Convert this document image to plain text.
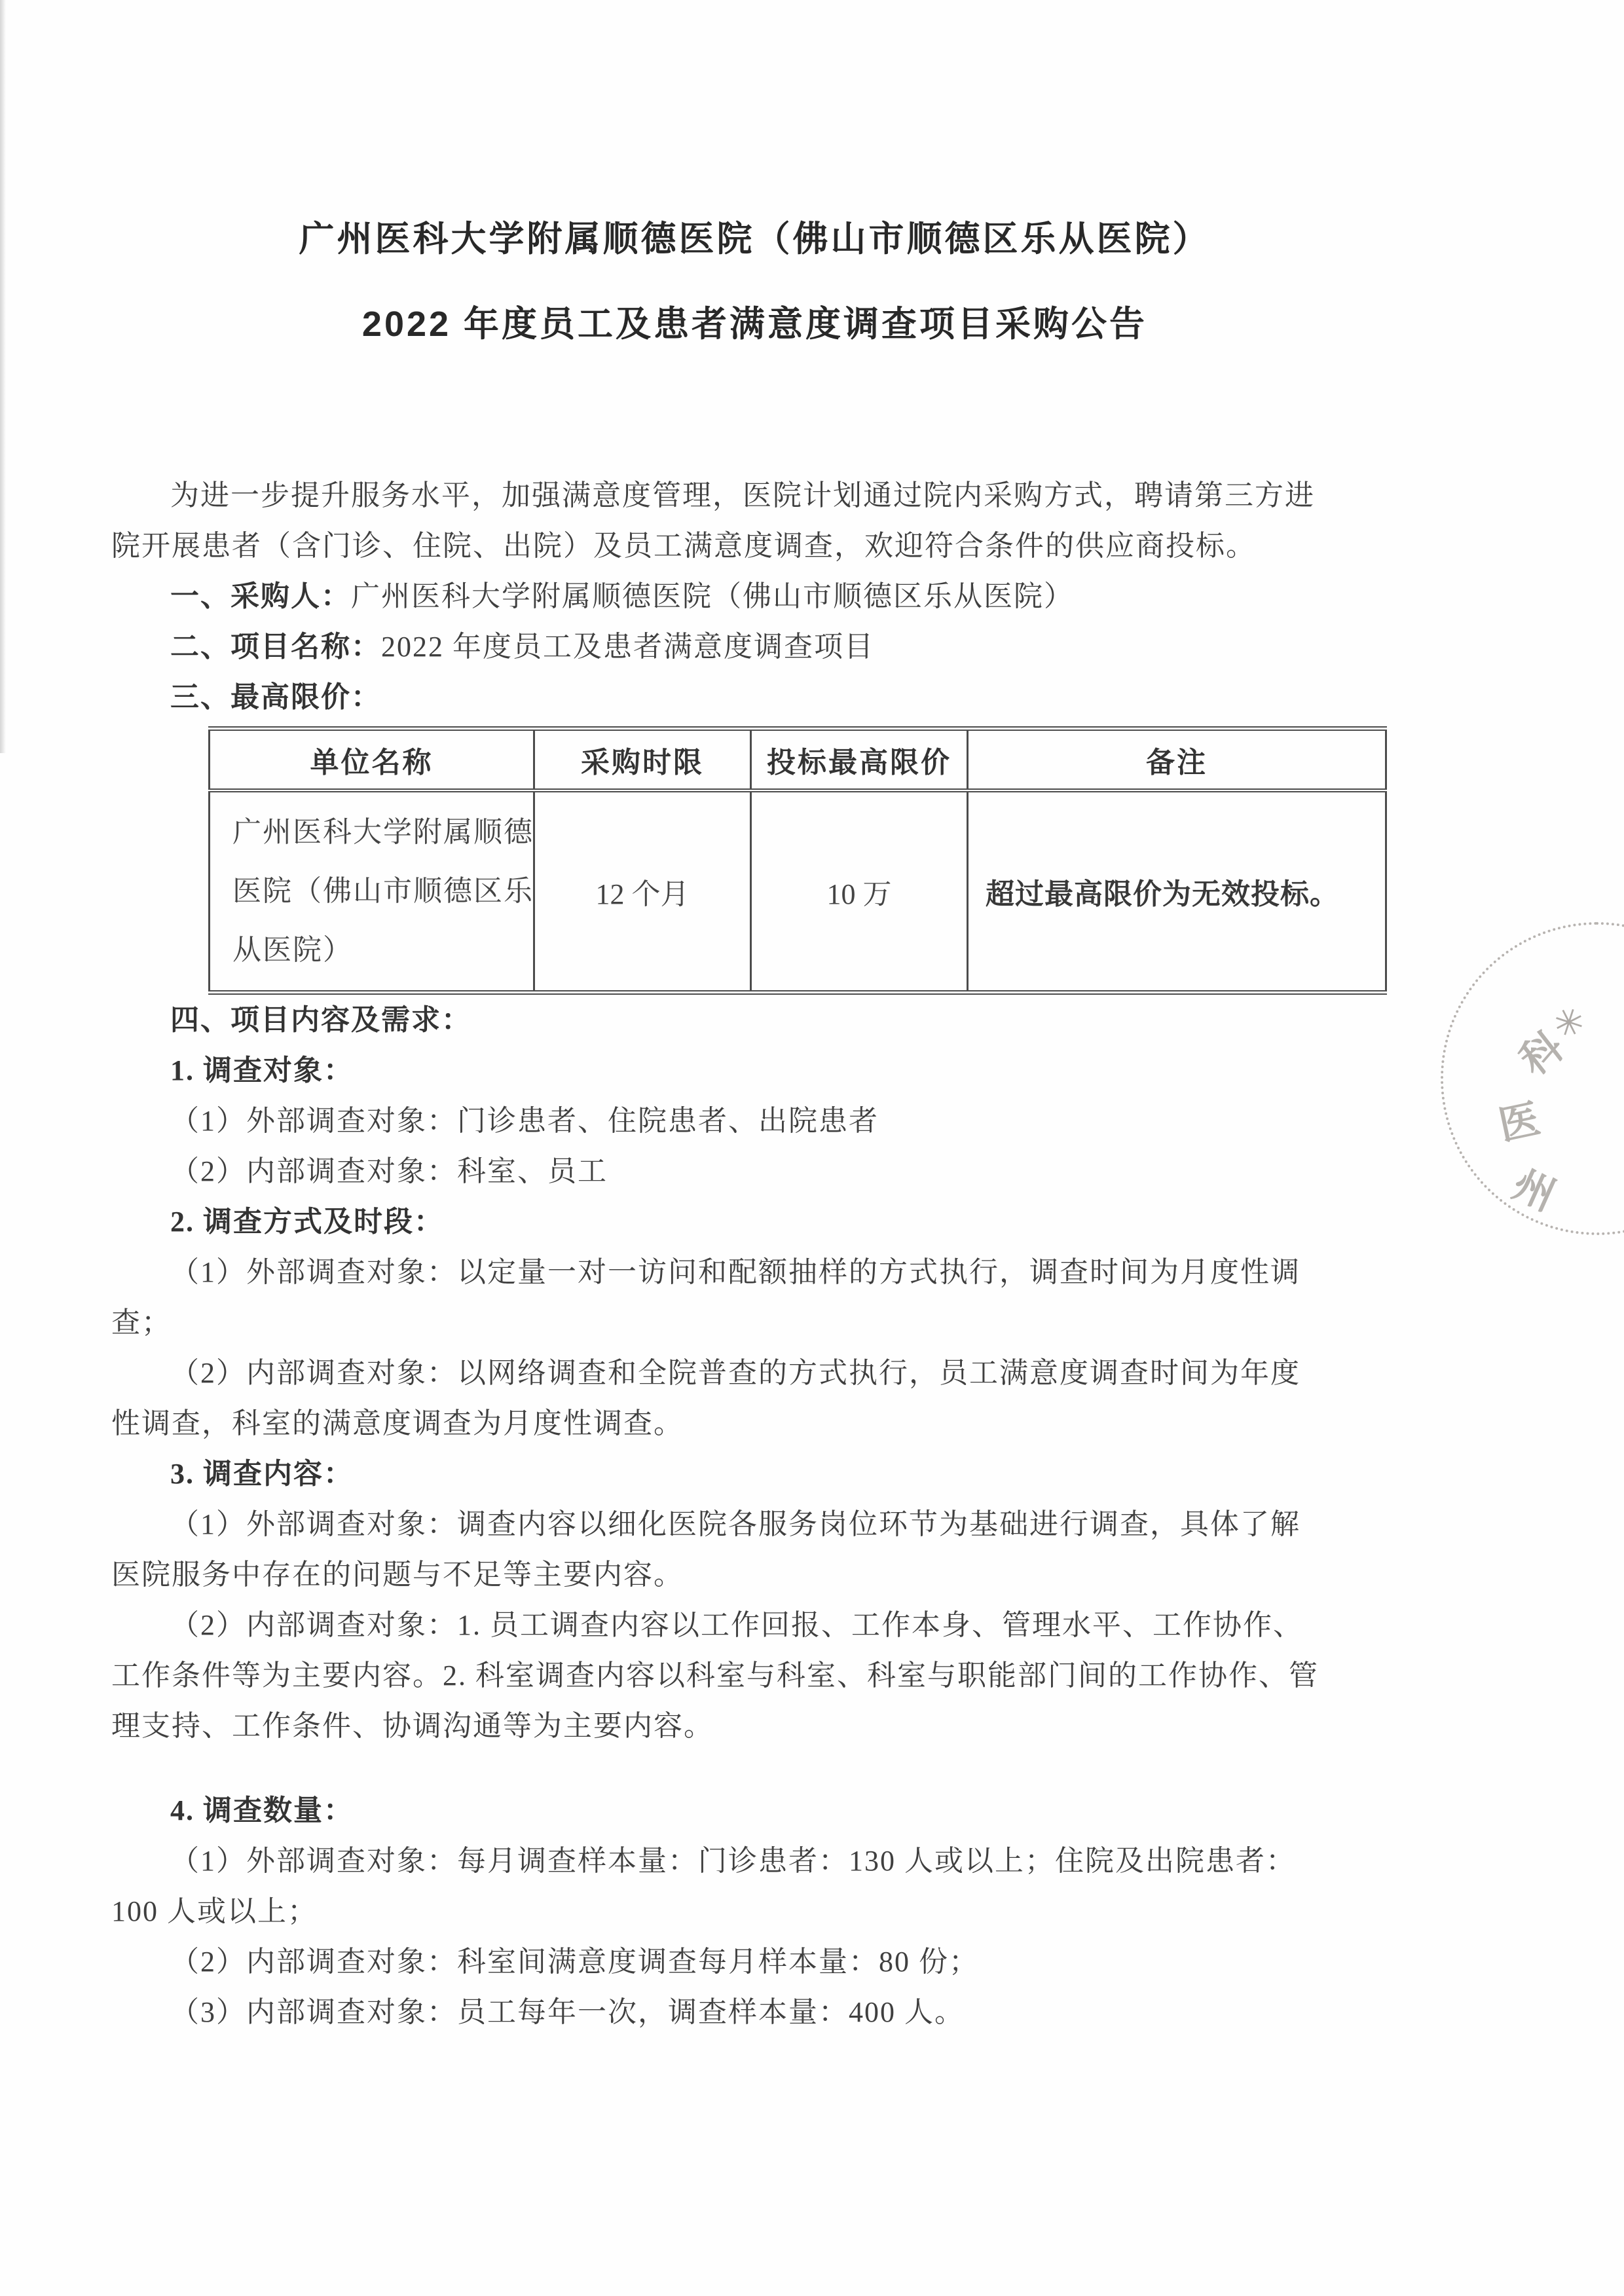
广州医科大学附属顺德医院（佛山市顺德区乐从医院）
2022 年度员工及患者满意度调查项目采购公告
为进一步提升服务水平，加强满意度管理，医院计划通过院内采购方式，聘请第三方进
院开展患者（含门诊、住院、出院）及员工满意度调查，欢迎符合条件的供应商投标。
一、采购人：广州医科大学附属顺德医院（佛山市顺德区乐从医院）
二、项目名称：2022 年度员工及患者满意度调查项目
三、最高限价：
单位名称	采购时限	投标最高限价	备注

广州医科大学附属顺德
医院（佛山市顺德区乐
从医院）	12 个月	10 万	超过最高限价为无效投标。
四、项目内容及需求：
1. 调查对象：
（1）外部调查对象：门诊患者、住院患者、出院患者
（2）内部调查对象：科室、员工
2. 调查方式及时段：
（1）外部调查对象：以定量一对一访问和配额抽样的方式执行，调查时间为月度性调
查；
（2）内部调查对象：以网络调查和全院普查的方式执行，员工满意度调查时间为年度
性调查，科室的满意度调查为月度性调查。
3. 调查内容：
（1）外部调查对象：调查内容以细化医院各服务岗位环节为基础进行调查，具体了解
医院服务中存在的问题与不足等主要内容。
（2）内部调查对象：1. 员工调查内容以工作回报、工作本身、管理水平、工作协作、
工作条件等为主要内容。2. 科室调查内容以科室与科室、科室与职能部门间的工作协作、管
理支持、工作条件、协调沟通等为主要内容。
4. 调查数量：
（1）外部调查对象：每月调查样本量：门诊患者：130 人或以上；住院及出院患者：
100 人或以上；
（2）内部调查对象：科室间满意度调查每月样本量：80 份；
（3）内部调查对象：员工每年一次，调查样本量：400 人。
✳
科
医
州
